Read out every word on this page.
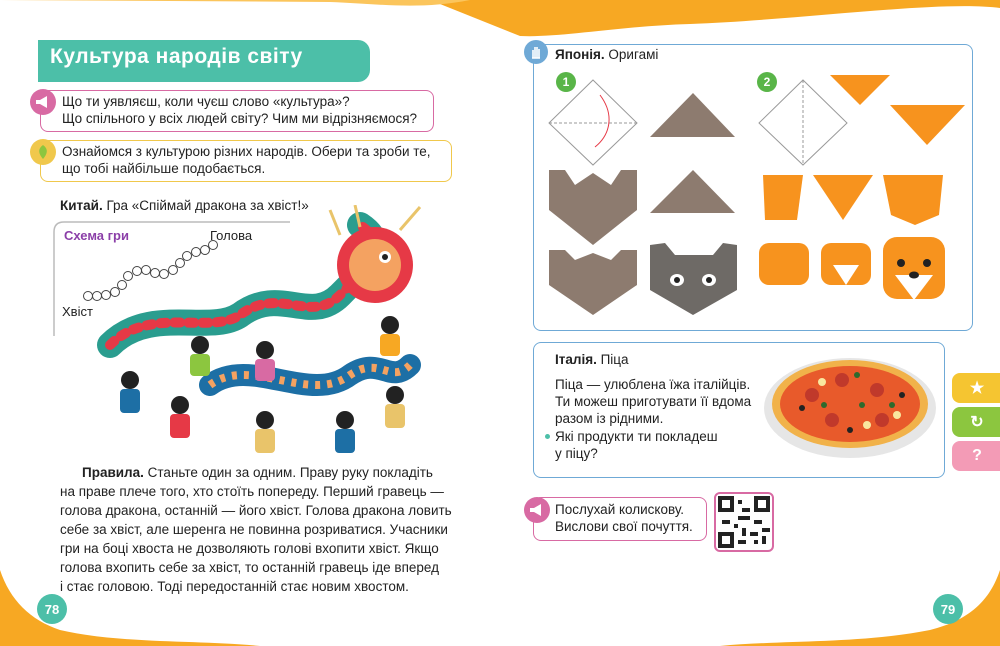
Культура народів світу
Що ти уявляєш, коли чуєш слово «культура»?
Що спільного у всіх людей світу? Чим ми відрізняємося?
Ознайомся з культурою різних народів. Обери та зроби те,
що тобі найбільше подобається.
Китай. Гра «Спіймай дракона за хвіст!»
Схема гри	Голова
Хвіст
Правила. Станьте один за одним. Праву руку покладіть
на праве плече того, хто стоїть попереду. Перший гравець —
голова дракона, останній — його хвіст. Голова дракона ловить
себе за хвіст, але шеренга не повинна розриватися. Учасники
гри на боці хвоста не дозволяють голові вхопити хвіст. Якщо
голова вхопить себе за хвіст, то останній гравець іде вперед
і стає головою. Тоді передостанній стає новим хвостом.
78
Японія. Оригамі
1	2
Італія. Піца
Піца — улюблена їжа італійців.
Ти можеш приготувати її вдома
разом із рідними.
Які продукти ти покладеш
у піцу?
Послухай колискову.
Вислови свої почуття.
★
↻
?
79
